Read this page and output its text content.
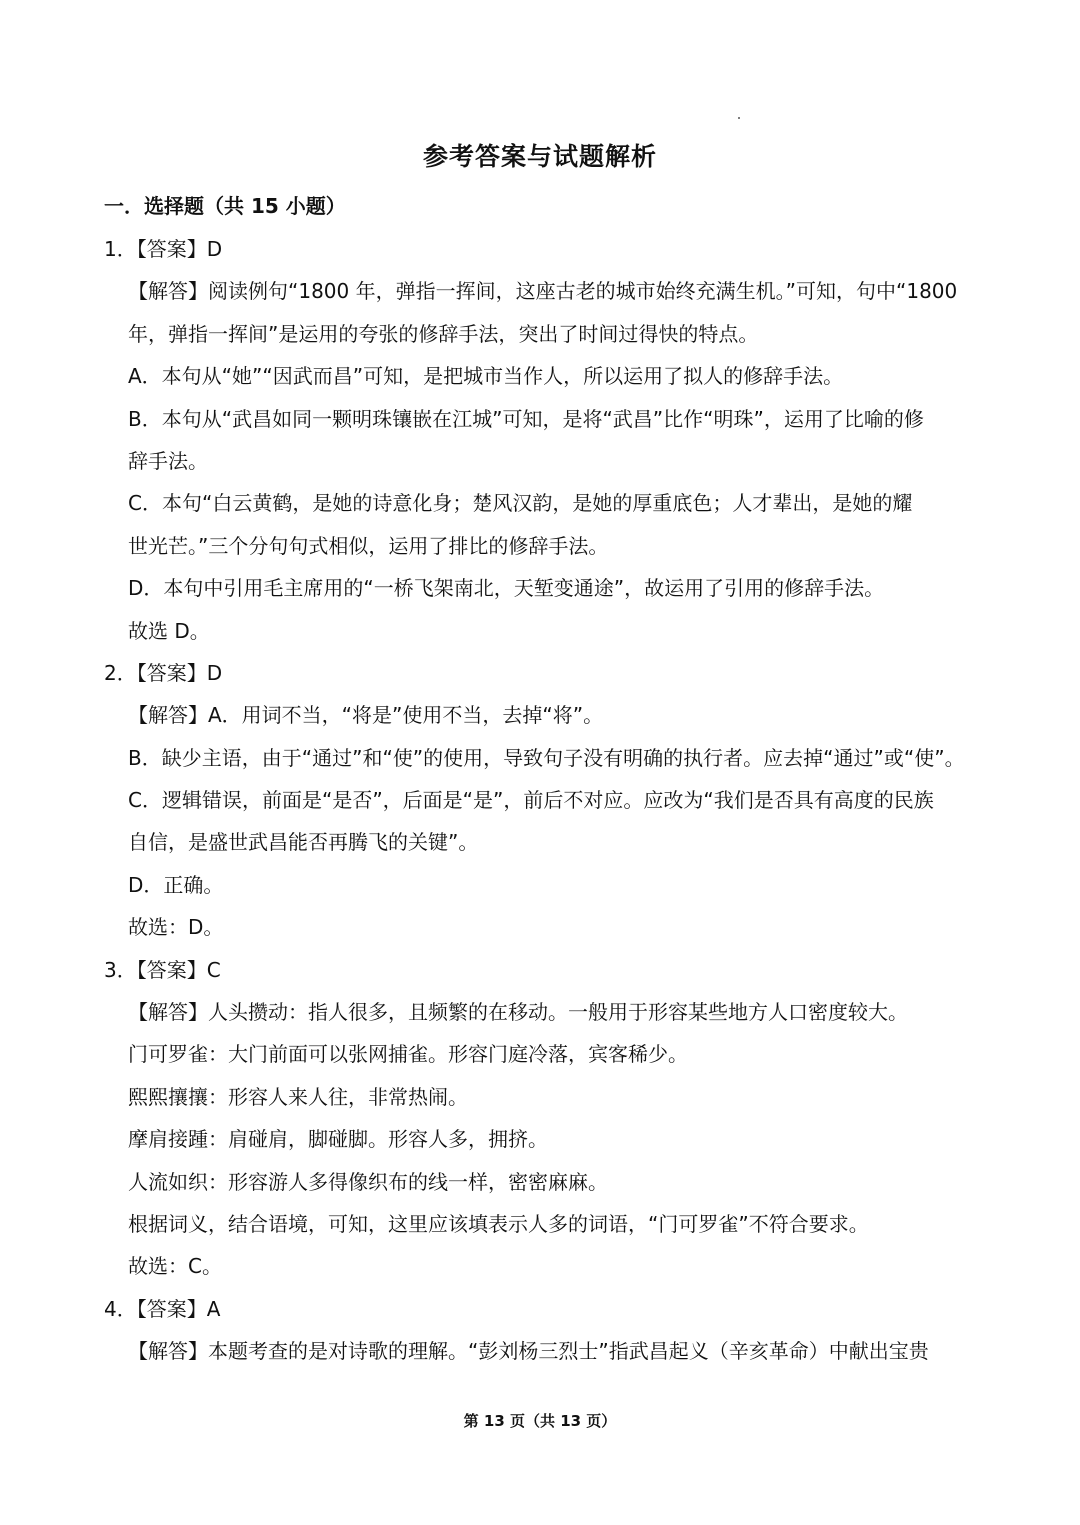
参考答案与试题解析
一．选择题（共 15 小题）
1．【答案】D
【解答】阅读例句“1800 年，弹指一挥间，这座古老的城市始终充满生机。”可知，句中“1800
年，弹指一挥间”是运用的夸张的修辞手法，突出了时间过得快的特点。
A．本句从“她”“因武而昌”可知，是把城市当作人，所以运用了拟人的修辞手法。
B．本句从“武昌如同一颗明珠镶嵌在江城”可知，是将“武昌”比作“明珠”，运用了比喻的修
辞手法。
C．本句“白云黄鹤，是她的诗意化身；楚风汉韵，是她的厚重底色；人才辈出，是她的耀
世光芒。”三个分句句式相似，运用了排比的修辞手法。
D．本句中引用毛主席用的“一桥飞架南北，天堑变通途”，故运用了引用的修辞手法。
故选 D。
2．【答案】D
【解答】A．用词不当，“将是”使用不当，去掉“将”。
B．缺少主语，由于“通过”和“使”的使用，导致句子没有明确的执行者。应去掉“通过”或“使”。
C．逻辑错误，前面是“是否”，后面是“是”，前后不对应。应改为“我们是否具有高度的民族
自信，是盛世武昌能否再腾飞的关键”。
D．正确。
故选：D。
3．【答案】C
【解答】人头攒动：指人很多，且频繁的在移动。一般用于形容某些地方人口密度较大。
门可罗雀：大门前面可以张网捕雀。形容门庭冷落，宾客稀少。
熙熙攘攘：形容人来人往，非常热闹。
摩肩接踵：肩碰肩，脚碰脚。形容人多，拥挤。
人流如织：形容游人多得像织布的线一样，密密麻麻。
根据词义，结合语境，可知，这里应该填表示人多的词语，“门可罗雀”不符合要求。
故选：C。
4．【答案】A
【解答】本题考查的是对诗歌的理解。“彭刘杨三烈士”指武昌起义（辛亥革命）中献出宝贵
第 13 页（共 13 页）
